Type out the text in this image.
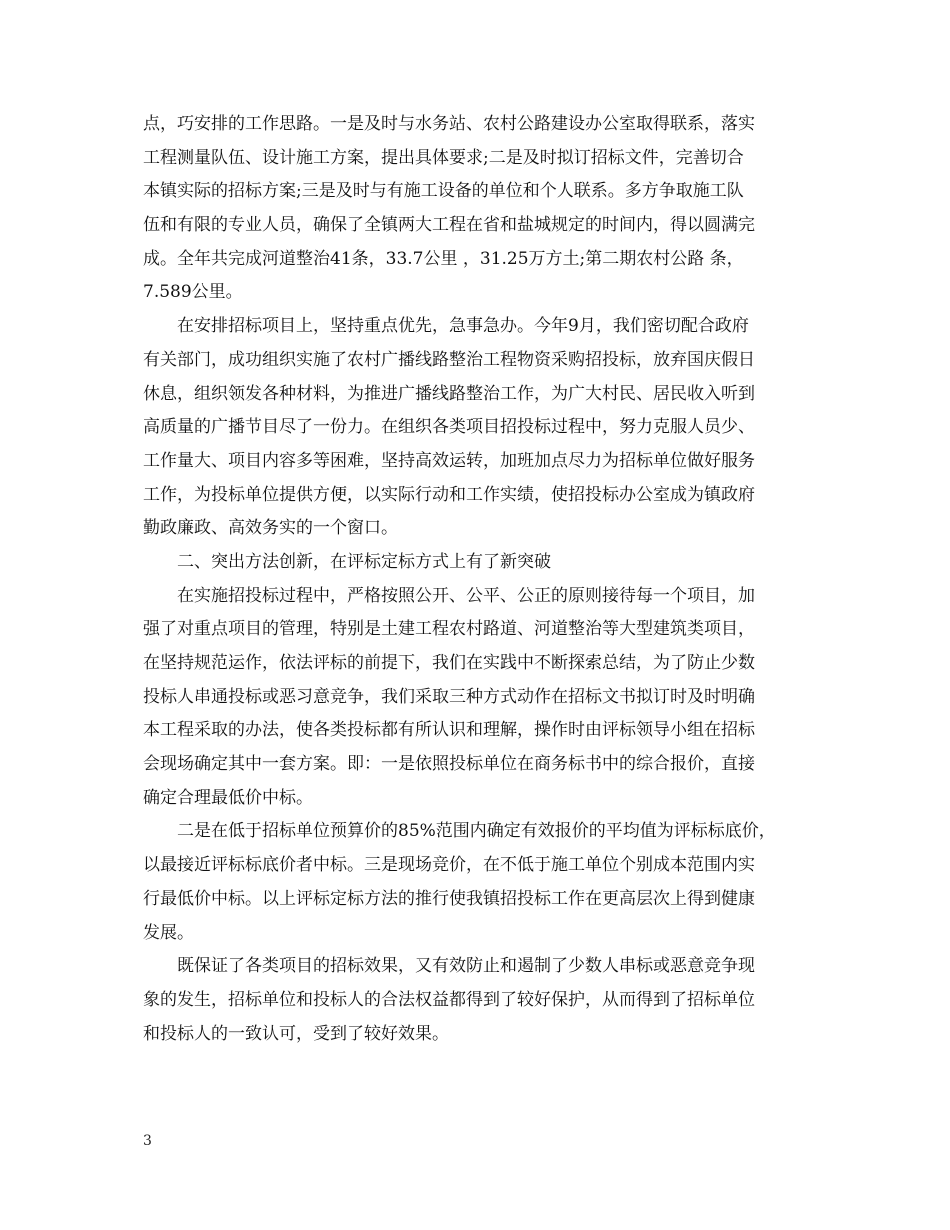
点，巧安排的工作思路。一是及时与水务站、农村公路建设办公室取得联系，落实
工程测量队伍、设计施工方案，提出具体要求;二是及时拟订招标文件，完善切合
本镇实际的招标方案;三是及时与有施工设备的单位和个人联系。多方争取施工队
伍和有限的专业人员，确保了全镇两大工程在省和盐城规定的时间内，得以圆满完
成。全年共完成河道整治41条，33.7公里 ，31.25万方土;第二期农村公路 条，
7.589公里。

　　在安排招标项目上，坚持重点优先，急事急办。今年9月，我们密切配合政府
有关部门，成功组织实施了农村广播线路整治工程物资采购招投标，放弃国庆假日
休息，组织领发各种材料，为推进广播线路整治工作，为广大村民、居民收入听到
高质量的广播节目尽了一份力。在组织各类项目招投标过程中，努力克服人员少、
工作量大、项目内容多等困难，坚持高效运转，加班加点尽力为招标单位做好服务
工作，为投标单位提供方便，以实际行动和工作实绩，使招投标办公室成为镇政府
勤政廉政、高效务实的一个窗口。

　　二、突出方法创新，在评标定标方式上有了新突破

　　在实施招投标过程中，严格按照公开、公平、公正的原则接待每一个项目，加
强了对重点项目的管理，特别是土建工程农村路道、河道整治等大型建筑类项目，
在坚持规范运作，依法评标的前提下，我们在实践中不断探索总结，为了防止少数
投标人串通投标或恶习意竞争，我们采取三种方式动作在招标文书拟订时及时明确
本工程采取的办法，使各类投标都有所认识和理解，操作时由评标领导小组在招标
会现场确定其中一套方案。即：一是依照投标单位在商务标书中的综合报价，直接
确定合理最低价中标。

　　二是在低于招标单位预算价的85%范围内确定有效报价的平均值为评标标底价，
以最接近评标标底价者中标。三是现场竞价，在不低于施工单位个别成本范围内实
行最低价中标。以上评标定标方法的推行使我镇招投标工作在更高层次上得到健康
发展。

　　既保证了各类项目的招标效果，又有效防止和遏制了少数人串标或恶意竞争现
象的发生，招标单位和投标人的合法权益都得到了较好保护，从而得到了招标单位
和投标人的一致认可，受到了较好效果。

3
